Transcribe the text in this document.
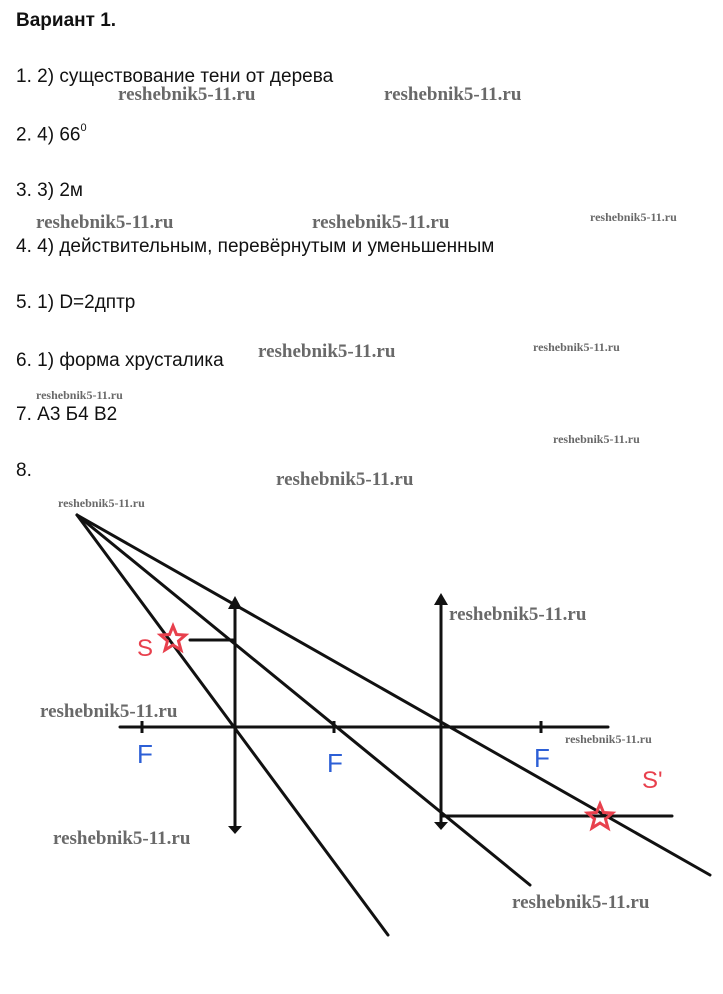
Вариант 1.
1. 2) существование тени от дерева
2. 4) $66^0$
3. 3) 2м
4. 4) действительным, перевёрнутым и уменьшенным
5. 1) D=2дптр
6. 1) форма хрусталика
7. А3 Б4 В2
8.
S
S'
F	F	F
reshebnik5-11.ru	reshebnik5-11.ru
reshebnik5-11.ru	reshebnik5-11.ru	reshebnik5-11.ru
reshebnik5-11.ru	reshebnik5-11.ru
reshebnik5-11.ru
reshebnik5-11.ru
reshebnik5-11.ru
reshebnik5-11.ru
reshebnik5-11.ru
reshebnik5-11.ru
reshebnik5-11.ru
reshebnik5-11.ru
reshebnik5-11.ru
